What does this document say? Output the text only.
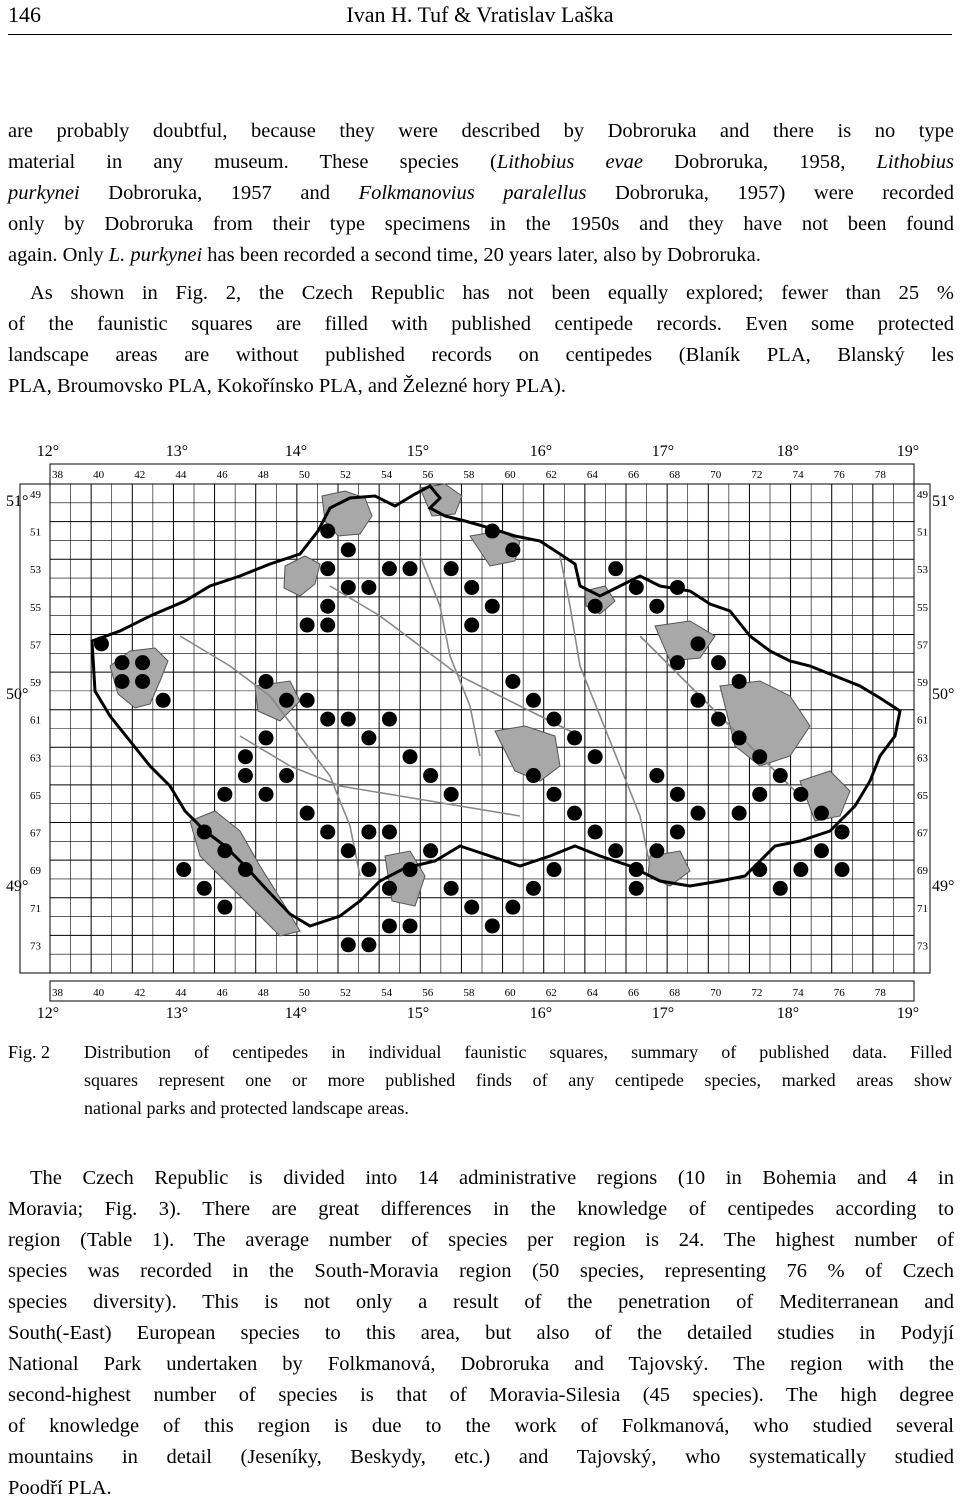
146	Ivan H. Tuf & Vratislav Laška

are probably doubtful, because they were described by Dobroruka and there is no type
material in any museum. These species (Lithobius evae Dobroruka, 1958, Lithobius
purkynei Dobroruka, 1957 and Folkmanovius paralellus Dobroruka, 1957) were recorded
only by Dobroruka from their type specimens in the 1950s and they have not been found
again. Only L. purkynei has been recorded a second time, 20 years later, also by Dobroruka.

As shown in Fig. 2, the Czech Republic has not been equally explored; fewer than 25 %
of the faunistic squares are filled with published centipede records. Even some protected
landscape areas are without published records on centipedes (Blaník PLA, Blanský les
PLA, Broumovsko PLA, Kokořínsko PLA, and Železné hory PLA).

12°
12°
13°
13°
14°
14°
15°
15°
16°
16°
17°
17°
18°
18°
19°
19°
38
38
40
40
42
42
44
44
46
46
48
48
50
50
52
52
54
54
56
56
58
58
60
60
62
62
64
64
66
66
68
68
70
70
72
72
74
74
76
76
78
78
49	49
51	51
53	53
55	55
57	57
59	59
61	61
63	63
65	65
67	67
69	69
71	71
73	73
51°	51°
50°	50°
49°	49°
Fig. 2 Distribution of centipedes in individual faunistic squares, summary of published data. Filled
squares represent one or more published finds of any centipede species, marked areas show
national parks and protected landscape areas.

The Czech Republic is divided into 14 administrative regions (10 in Bohemia and 4 in
Moravia; Fig. 3). There are great differences in the knowledge of centipedes according to
region (Table 1). The average number of species per region is 24. The highest number of
species was recorded in the South-Moravia region (50 species, representing 76 % of Czech
species diversity). This is not only a result of the penetration of Mediterranean and
South(-East) European species to this area, but also of the detailed studies in Podyjí
National Park undertaken by Folkmanová, Dobroruka and Tajovský. The region with the
second-highest number of species is that of Moravia-Silesia (45 species). The high degree
of knowledge of this region is due to the work of Folkmanová, who studied several
mountains in detail (Jeseníky, Beskydy, etc.) and Tajovský, who systematically studied
Poodří PLA.
